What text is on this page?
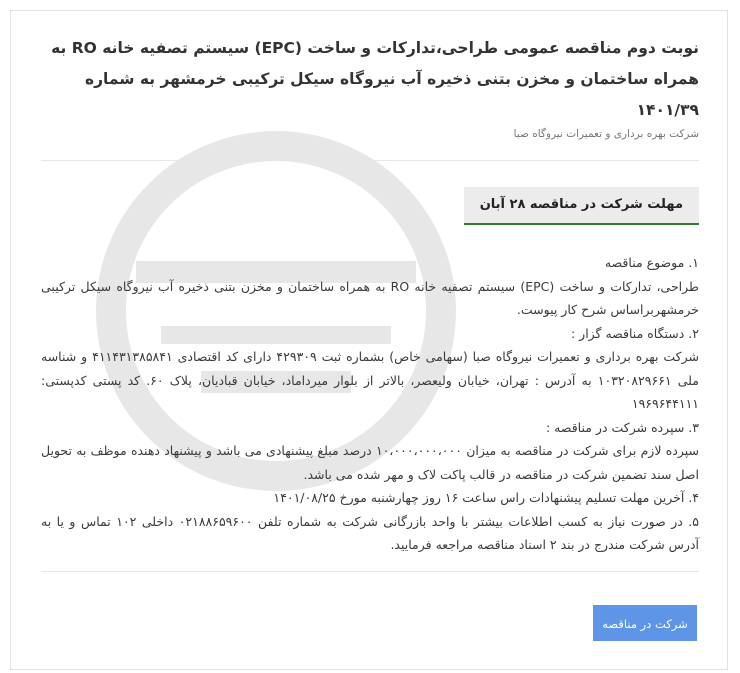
نوبت دوم مناقصه عمومی طراحی،تدارکات و ساخت (EPC) سیستم تصفیه خانه RO به همراه ساختمان و مخزن بتنی ذخیره آب نیروگاه سیکل ترکیبی خرمشهر به شماره ۱۴۰۱/۳۹
شرکت بهره برداری و تعمیرات نیروگاه صبا
مهلت شرکت در مناقصه ۲۸ آبان

۱. موضوع مناقصه

طراحی، تدارکات و ساخت (EPC) سیستم تصفیه خانه RO به همراه ساختمان و مخزن بتنی ذخیره آب نیروگاه سیکل ترکیبی خرمشهربراساس شرح کار پیوست.

۲. دستگاه مناقصه گزار :

شرکت بهره برداری و تعمیرات نیروگاه صبا (سهامی خاص) بشماره ثبت ۴۲۹۳۰۹ دارای کد اقتصادی ۴۱۱۴۳۱۳۸۵۸۴۱ و شناسه ملی ۱۰۳۲۰۸۲۹۶۶۱ به آدرس : تهران، خیابان ولیعصر، بالاتر از بلوار میرداماد، خیابان قبادیان، پلاک ۶۰. کد پستی کدپستی: ۱۹۶۹۶۴۴۱۱۱

۳. سپرده شرکت در مناقصه :

سپرده لازم برای شرکت در مناقصه به میزان ۱۰،۰۰۰،۰۰۰،۰۰۰ درصد مبلغ پیشنهادی می باشد و پیشنهاد دهنده موظف به تحویل اصل سند تضمین شرکت در مناقصه در قالب پاکت لاک و مهر شده می باشد.

۴. آخرین مهلت تسلیم پیشنهادات راس ساعت ۱۶ روز چهارشنبه مورخ ۱۴۰۱/۰۸/۲۵

۵. در صورت نیاز به کسب اطلاعات بیشتر با واحد بازرگانی شرکت به شماره تلفن ۰۲۱۸۸۶۵۹۶۰۰ داخلی ۱۰۲ تماس و یا به آدرس شرکت مندرج در بند ۲ اسناد مناقصه مراجعه فرمایید.

شرکت در مناقصه
